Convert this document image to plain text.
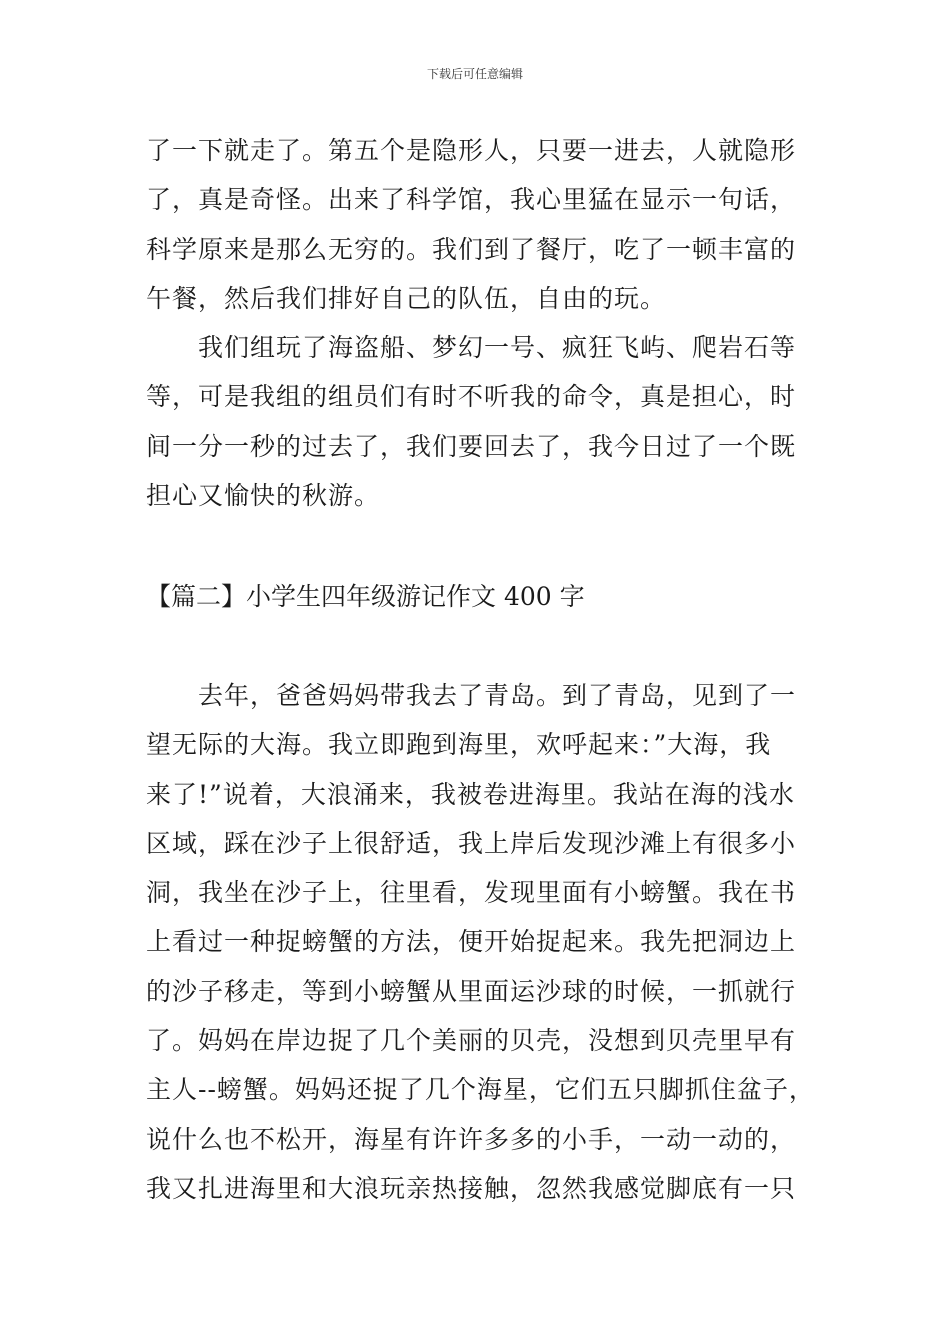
下载后可任意编辑
了一下就走了。第五个是隐形人，只要一进去，人就隐形
了，真是奇怪。出来了科学馆，我心里猛在显示一句话，
科学原来是那么无穷的。我们到了餐厅，吃了一顿丰富的
午餐，然后我们排好自己的队伍，自由的玩。
我们组玩了海盗船、梦幻一号、疯狂飞屿、爬岩石等
等，可是我组的组员们有时不听我的命令，真是担心，时
间一分一秒的过去了，我们要回去了，我今日过了一个既
担心又愉快的秋游。
【篇二】小学生四年级游记作文 400 字
去年，爸爸妈妈带我去了青岛。到了青岛，见到了一
望无际的大海。我立即跑到海里，欢呼起来：”大海，我
来了!”说着，大浪涌来，我被卷进海里。我站在海的浅水
区域，踩在沙子上很舒适，我上岸后发现沙滩上有很多小
洞，我坐在沙子上，往里看，发现里面有小螃蟹。我在书
上看过一种捉螃蟹的方法，便开始捉起来。我先把洞边上
的沙子移走，等到小螃蟹从里面运沙球的时候，一抓就行
了。妈妈在岸边捉了几个美丽的贝壳，没想到贝壳里早有
主人--螃蟹。妈妈还捉了几个海星，它们五只脚抓住盆子，
说什么也不松开，海星有许许多多的小手，一动一动的，
我又扎进海里和大浪玩亲热接触，忽然我感觉脚底有一只
